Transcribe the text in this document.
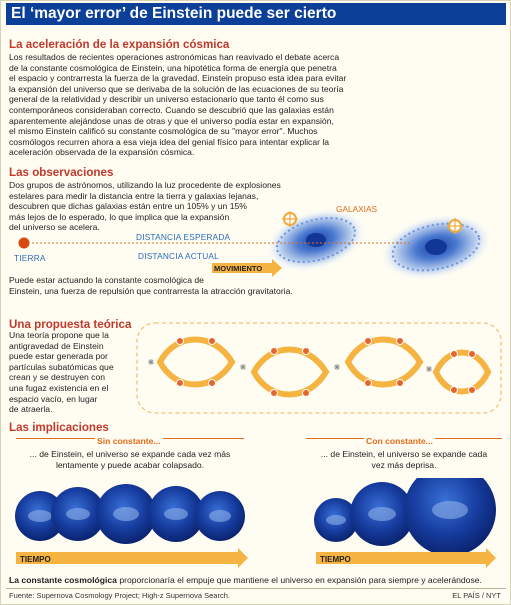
El ‘mayor error’ de Einstein puede ser cierto
La aceleración de la expansión cósmica
Los resultados de recientes operaciones astronómicas han reavivado el debate acerca
de la constante cosmológica de Einstein, una hipotética forma de energía que penetra
el espacio y contrarresta la fuerza de la gravedad. Einstein propuso esta idea para evitar
la expansión del universo que se derivaba de la solución de las ecuaciones de su teoría
general de la relatividad y describir un universo estacionario que tanto él como sus
contemporáneos consideraban correcto. Cuando se descubrió que las galaxias están
aparentemente alejándose unas de otras y que el universo podía estar en expansión,
el mismo Einstein calificó su constante cosmológica de su "mayor error". Muchos
cosmólogos recurren ahora a esa vieja idea del genial físico para intentar explicar la
aceleración observada de la expansión cósmica.
Las observaciones
Dos grupos de astrónomos, utilizando la luz procedente de explosiones
estelares para medir la distancia entre la tierra y galaxias lejanas,
descubren que dichas galaxias están entre un 105% y un 15%
más lejos de lo esperado, lo que implica que la expansión
del universo se acelera.
GALAXIAS
DISTANCIA ESPERADA
DISTANCIA ACTUAL
MOVIMIENTO
TIERRA
Puede estar actuando la constante cosmológica de
Einstein, una fuerza de repulsión que contrarresta la atracción gravitatoria.
Una propuesta teórica
Una teoría propone que la
antigravedad de Einstein
puede estar generada por
partículas subatómicas que
crean y se destruyen con
una fugaz existencia en el
espacio vacío, en lugar
de atraerla.
Las implicaciones
Sin constante...
... de Einstein, el universo se expande cada vez más
lentamente y puede acabar colapsado.
Con constante...
... de Einstein, el universo se expande cada
vez más deprisa.
TIEMPO	TIEMPO
La constante cosmológica proporcionaría el empuje que mantiene el universo en expansión para siempre y acelerándose.
Fuente: Supernova Cosmology Project; High-z Supernova Search.	EL PAÍS / NYT
